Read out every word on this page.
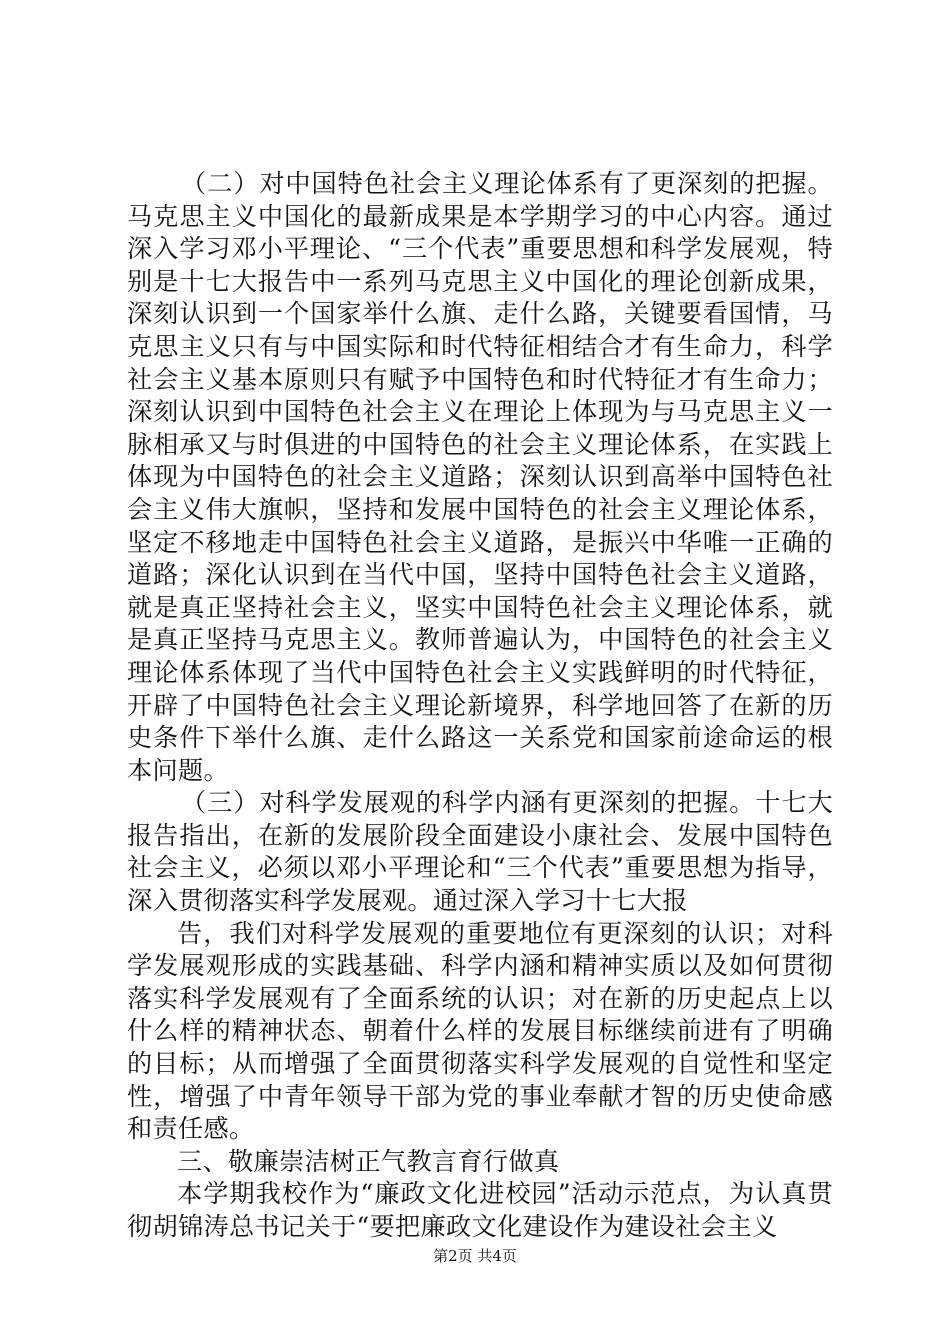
（二）对中国特色社会主义理论体系有了更深刻的把握。马克思主义中国化的最新成果是本学期学习的中心内容。通过深入学习邓小平理论、“三个代表”重要思想和科学发展观，特别是十七大报告中一系列马克思主义中国化的理论创新成果，深刻认识到一个国家举什么旗、走什么路，关键要看国情，马克思主义只有与中国实际和时代特征相结合才有生命力，科学社会主义基本原则只有赋予中国特色和时代特征才有生命力；深刻认识到中国特色社会主义在理论上体现为与马克思主义一脉相承又与时俱进的中国特色的社会主义理论体系，在实践上体现为中国特色的社会主义道路；深刻认识到高举中国特色社会主义伟大旗帜，坚持和发展中国特色的社会主义理论体系，坚定不移地走中国特色社会主义道路，是振兴中华唯一正确的道路；深化认识到在当代中国，坚持中国特色社会主义道路，就是真正坚持社会主义，坚实中国特色社会主义理论体系，就是真正坚持马克思主义。教师普遍认为，中国特色的社会主义理论体系体现了当代中国特色社会主义实践鲜明的时代特征，开辟了中国特色社会主义理论新境界，科学地回答了在新的历史条件下举什么旗、走什么路这一关系党和国家前途命运的根本问题。

（三）对科学发展观的科学内涵有更深刻的把握。十七大报告指出，在新的发展阶段全面建设小康社会、发展中国特色社会主义，必须以邓小平理论和“三个代表”重要思想为指导，深入贯彻落实科学发展观。通过深入学习十七大报

告，我们对科学发展观的重要地位有更深刻的认识；对科学发展观形成的实践基础、科学内涵和精神实质以及如何贯彻落实科学发展观有了全面系统的认识；对在新的历史起点上以什么样的精神状态、朝着什么样的发展目标继续前进有了明确的目标；从而增强了全面贯彻落实科学发展观的自觉性和坚定性，增强了中青年领导干部为党的事业奉献才智的历史使命感和责任感。

三、敬廉崇洁树正气教言育行做真

本学期我校作为“廉政文化进校园”活动示范点，为认真贯彻胡锦涛总书记关于“要把廉政文化建设作为建设社会主义

第2页 共4页
